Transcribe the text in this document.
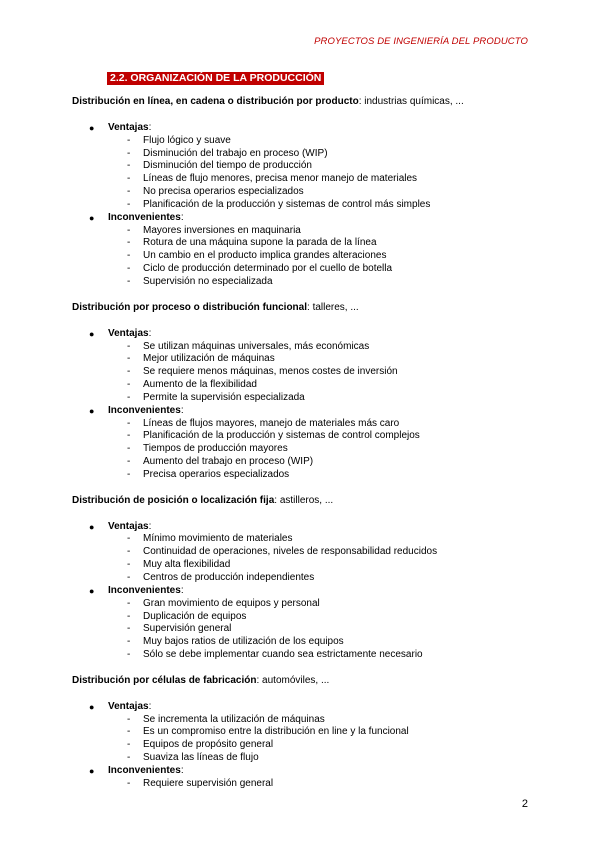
PROYECTOS DE INGENIERÍA DEL PRODUCTO
2.2. ORGANIZACIÓN DE LA PRODUCCIÓN

Distribución en línea, en cadena o distribución por producto: industrias químicas, ...

● Ventajas:
- Flujo lógico y suave
- Disminución del trabajo en proceso (WIP)
- Disminución del tiempo de producción
- Líneas de flujo menores, precisa menor manejo de materiales
- No precisa operarios especializados
- Planificación de la producción y sistemas de control más simples
● Inconvenientes:
- Mayores inversiones en maquinaria
- Rotura de una máquina supone la parada de la línea
- Un cambio en el producto implica grandes alteraciones
- Ciclo de producción determinado por el cuello de botella
- Supervisión no especializada

Distribución por proceso o distribución funcional: talleres, ...

● Ventajas:
- Se utilizan máquinas universales, más económicas
- Mejor utilización de máquinas
- Se requiere menos máquinas, menos costes de inversión
- Aumento de la flexibilidad
- Permite la supervisión especializada
● Inconvenientes:
- Líneas de flujos mayores, manejo de materiales más caro
- Planificación de la producción y sistemas de control complejos
- Tiempos de producción mayores
- Aumento del trabajo en proceso (WIP)
- Precisa operarios especializados

Distribución de posición o localización fija: astilleros, ...

● Ventajas:
- Mínimo movimiento de materiales
- Continuidad de operaciones, niveles de responsabilidad reducidos
- Muy alta flexibilidad
- Centros de producción independientes
● Inconvenientes:
- Gran movimiento de equipos y personal
- Duplicación de equipos
- Supervisión general
- Muy bajos ratios de utilización de los equipos
- Sólo se debe implementar cuando sea estrictamente necesario

Distribución por células de fabricación: automóviles, ...

● Ventajas:
- Se incrementa la utilización de máquinas
- Es un compromiso entre la distribución en line y la funcional
- Equipos de propósito general
- Suaviza las líneas de flujo
● Inconvenientes:
- Requiere supervisión general
2
